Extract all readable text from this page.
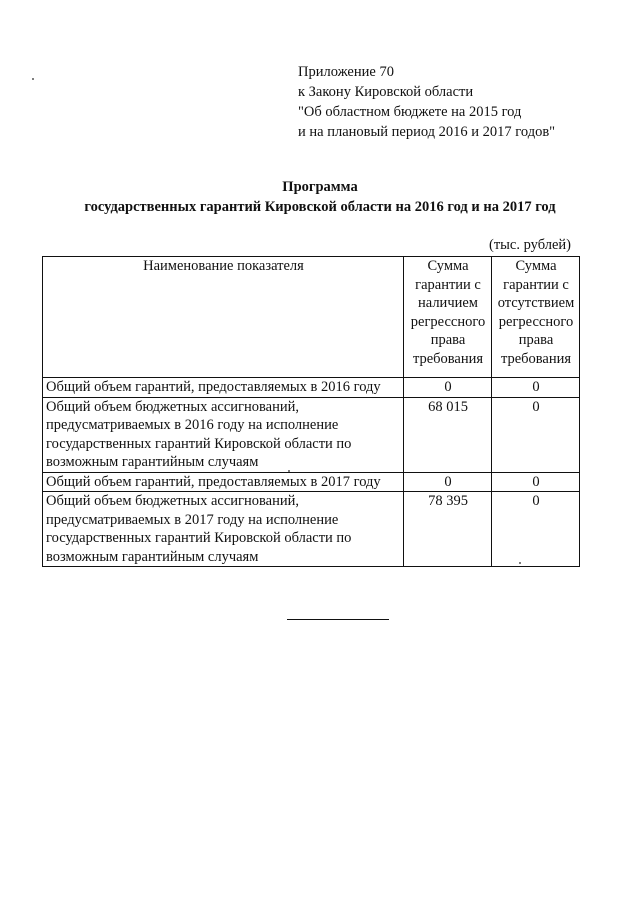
Приложение 70
к Закону Кировской области
"Об областном бюджете на 2015 год
и на плановый период 2016 и 2017 годов"
Программа
государственных гарантий Кировской области на 2016 год и на 2017 год
(тыс. рублей)
Наименование показателя	Сумма гарантии с наличием регрессного права требования	Сумма гарантии с отсутствием регрессного права требования
Общий объем гарантий, предоставляемых в 2016 году	0	0
Общий объем бюджетных ассигнований, предусматриваемых в 2016 году на исполнение государственных гарантий Кировской области по возможным гарантийным случаям	68 015	0
Общий объем гарантий, предоставляемых в 2017 году	0	0
Общий объем бюджетных ассигнований, предусматриваемых в 2017 году на исполнение государственных гарантий Кировской области по возможным гарантийным случаям	78 395	0
